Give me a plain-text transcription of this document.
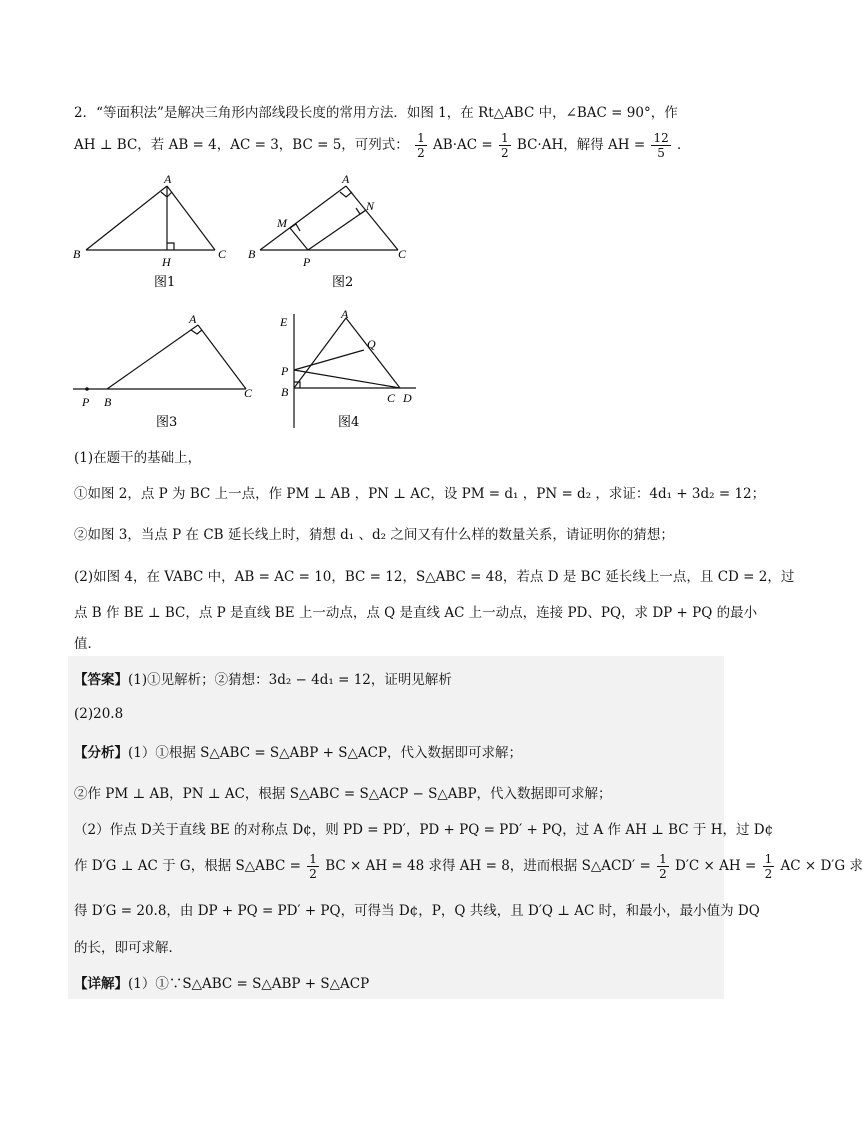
2．“等面积法”是解决三角形内部线段长度的常用方法．如图 1，在 Rt△ABC 中，∠BAC = 90°，作
AH ⊥ BC，若 AB = 4，AC = 3，BC = 5，可列式： $\frac{1}{2} AB\cdot AC = \frac{1}{2} BC\cdot AH$，解得 AH = $\frac{12}{5}$ ．
A
B	C
H
图1
A
B	C
M
N
P
图2
A
P B
C
图3
E
A
Q
P
B	C D
图4
(1)在题干的基础上，
①如图 2，点 P 为 BC 上一点，作 PM ⊥ AB ，PN ⊥ AC，设 PM = d₁ ，PN = d₂ ，求证：4d₁ + 3d₂ = 12；
②如图 3，当点 P 在 CB 延长线上时，猜想 d₁ 、d₂ 之间又有什么样的数量关系，请证明你的猜想；
(2)如图 4，在 VABC 中，AB = AC = 10，BC = 12，S△ABC = 48，若点 D 是 BC 延长线上一点，且 CD = 2，过
点 B 作 BE ⊥ BC，点 P 是直线 BE 上一动点，点 Q 是直线 AC 上一动点，连接 PD、PQ，求 DP + PQ 的最小
值．
【答案】(1)①见解析；②猜想：3d₂ − 4d₁ = 12，证明见解析
(2)20.8
【分析】(1）①根据 S△ABC = S△ABP + S△ACP，代入数据即可求解；
②作 PM ⊥ AB，PN ⊥ AC，根据 S△ABC = S△ACP − S△ABP，代入数据即可求解；
（2）作点 D关于直线 BE 的对称点 D¢，则 PD = PD′，PD + PQ = PD′ + PQ，过 A 作 AH ⊥ BC 于 H，过 D¢
作 D′G ⊥ AC 于 G，根据 S△ABC = $\frac{1}{2}$ BC × AH = 48 求得 AH = 8，进而根据 S△ACD′ = $\frac{1}{2} D'C$ × AH = $\frac{1}{2}$ AC × D′G 求
得 D′G = 20.8，由 DP + PQ = PD′ + PQ，可得当 D¢，P，Q 共线，且 D′Q ⊥ AC 时，和最小，最小值为 DQ
的长，即可求解．
【详解】(1）①∵S△ABC = S△ABP + S△ACP
